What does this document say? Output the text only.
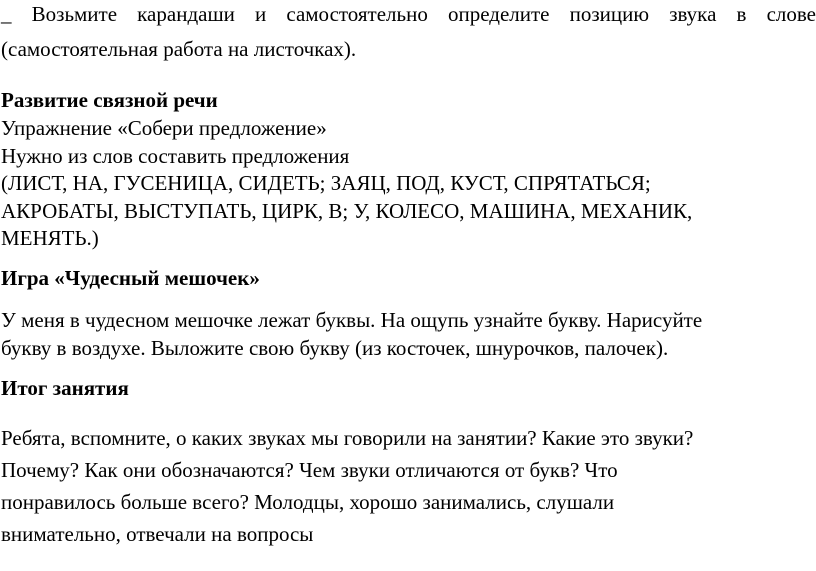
_ Возьмите карандаши и самостоятельно определите позицию звука в слове
(самостоятельная работа на листочках).
Развитие связной речи
Упражнение «Собери предложение»
Нужно из слов составить предложения
(ЛИСТ, НА, ГУСЕНИЦА, СИДЕТЬ; ЗАЯЦ, ПОД, КУСТ, СПРЯТАТЬСЯ;
АКРОБАТЫ, ВЫСТУПАТЬ, ЦИРК, В; У, КОЛЕСО, МАШИНА, МЕХАНИК,
МЕНЯТЬ.)
Игра «Чудесный мешочек»
У меня в чудесном мешочке лежат буквы. На ощупь узнайте букву. Нарисуйте
букву в воздухе. Выложите свою букву (из косточек, шнурочков, палочек).
Итог занятия
Ребята, вспомните, о каких звуках мы говорили на занятии? Какие это звуки?
Почему? Как они обозначаются? Чем звуки отличаются от букв? Что
понравилось больше всего? Молодцы, хорошо занимались, слушали
внимательно, отвечали на вопросы
